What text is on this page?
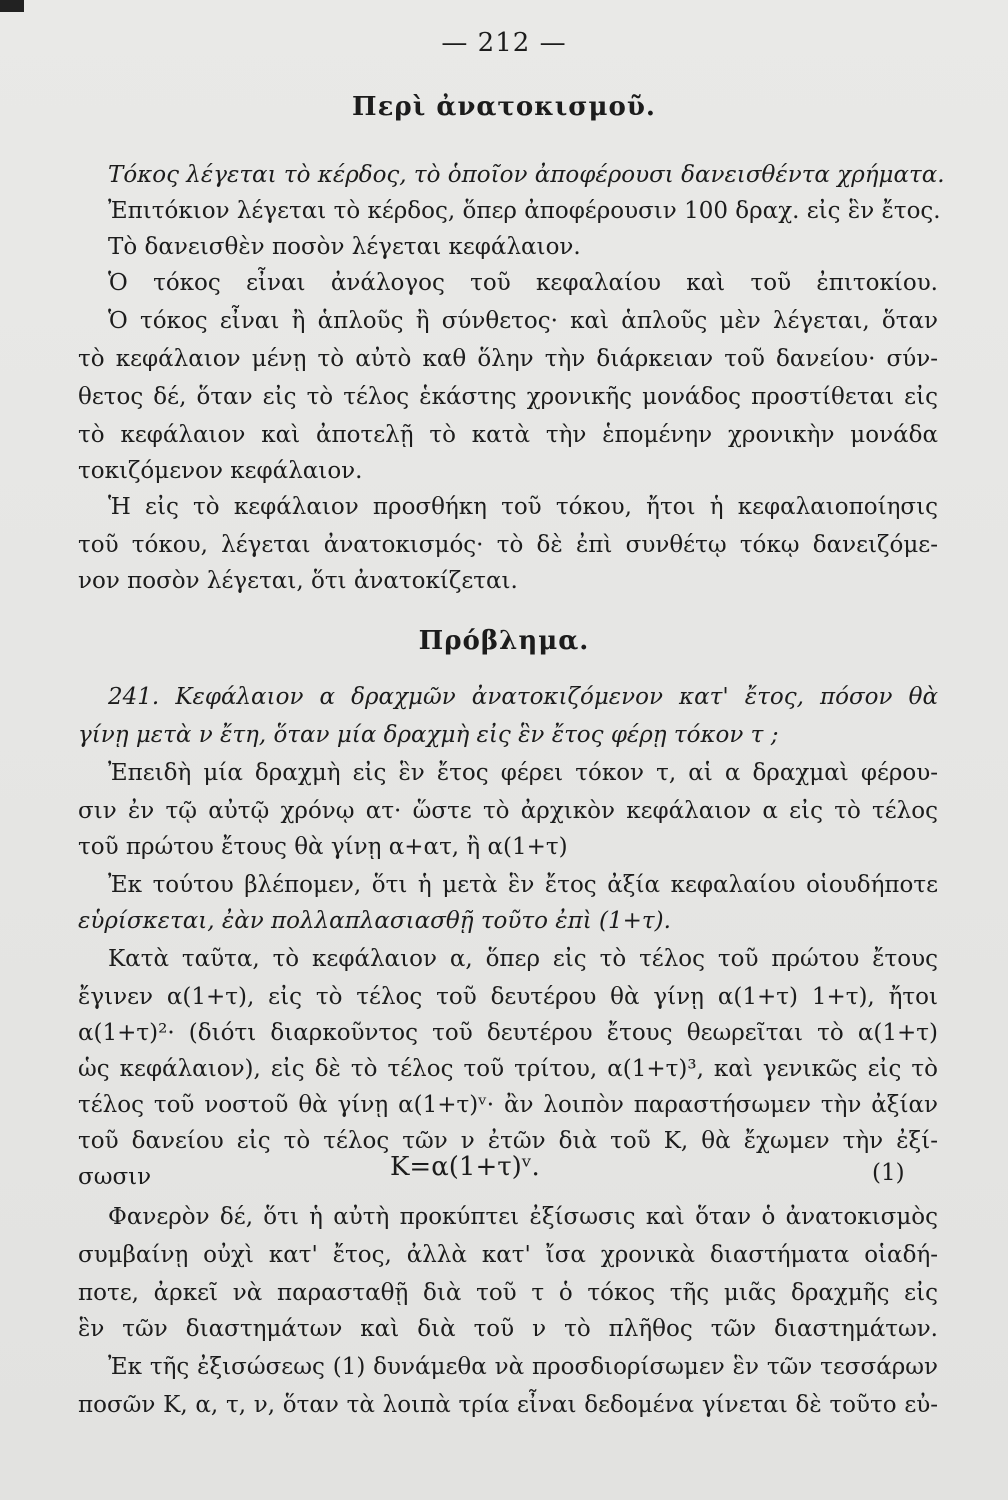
— 212 —
Περὶ ἀνατοκισμοῦ.
Τόκος λέγεται τὸ κέρδος, τὸ ὁποῖον ἀποφέρουσι δανεισθέντα χρήματα.
Ἐπιτόκιον λέγεται τὸ κέρδος, ὅπερ ἀποφέρουσιν 100 δραχ. εἰς ἓν ἔτος.
Τὸ δανεισθὲν ποσὸν λέγεται κεφάλαιον.
Ὁ τόκος εἶναι ἀνάλογος τοῦ κεφαλαίου καὶ τοῦ ἐπιτοκίου.
Ὁ τόκος εἶναι ἢ ἁπλοῦς ἢ σύνθετος· καὶ ἁπλοῦς μὲν λέγεται, ὅταν
τὸ κεφάλαιον μένῃ τὸ αὐτὸ καθ ὅλην τὴν διάρκειαν τοῦ δανείου· σύν-
θετος δέ, ὅταν εἰς τὸ τέλος ἑκάστης χρονικῆς μονάδος προστίθεται εἰς
τὸ κεφάλαιον καὶ ἀποτελῇ τὸ κατὰ τὴν ἑπομένην χρονικὴν μονάδα
τοκιζόμενον κεφάλαιον.
Ἡ εἰς τὸ κεφάλαιον προσθήκη τοῦ τόκου, ἤτοι ἡ κεφαλαιοποίησις
τοῦ τόκου, λέγεται ἀνατοκισμός· τὸ δὲ ἐπὶ συνθέτῳ τόκῳ δανειζόμε-
νον ποσὸν λέγεται, ὅτι ἀνατοκίζεται.
Πρόβλημα.
241. Κεφάλαιον α δραχμῶν ἀνατοκιζόμενον κατ' ἔτος, πόσον θὰ
γίνῃ μετὰ ν ἔτη, ὅταν μία δραχμὴ εἰς ἓν ἔτος φέρῃ τόκον τ ;
Ἐπειδὴ μία δραχμὴ εἰς ἓν ἔτος φέρει τόκον τ, αἱ α δραχμαὶ φέρου-
σιν ἐν τῷ αὐτῷ χρόνῳ ατ· ὥστε τὸ ἀρχικὸν κεφάλαιον α εἰς τὸ τέλος
τοῦ πρώτου ἔτους θὰ γίνῃ α+ατ, ἢ α(1+τ)
Ἐκ τούτου βλέπομεν, ὅτι ἡ μετὰ ἓν ἔτος ἀξία κεφαλαίου οἱουδήποτε
εὑρίσκεται, ἐὰν πολλαπλασιασθῇ τοῦτο ἐπὶ (1+τ).
Κατὰ ταῦτα, τὸ κεφάλαιον α, ὅπερ εἰς τὸ τέλος τοῦ πρώτου ἔτους
ἔγινεν α(1+τ), εἰς τὸ τέλος τοῦ δευτέρου θὰ γίνῃ α(1+τ) 1+τ), ἤτοι
α(1+τ)²· (διότι διαρκοῦντος τοῦ δευτέρου ἔτους θεωρεῖται τὸ α(1+τ)
ὡς κεφάλαιον), εἰς δὲ τὸ τέλος τοῦ τρίτου, α(1+τ)³, καὶ γενικῶς εἰς τὸ
τέλος τοῦ νοστοῦ θὰ γίνῃ α(1+τ)ᵛ· ἂν λοιπὸν παραστήσωμεν τὴν ἀξίαν
τοῦ δανείου εἰς τὸ τέλος τῶν ν ἐτῶν διὰ τοῦ Κ, θὰ ἔχωμεν τὴν ἐξί-
σωσιν	Κ=α(1+τ)ᵛ.	(1)
Φανερὸν δέ, ὅτι ἡ αὐτὴ προκύπτει ἐξίσωσις καὶ ὅταν ὁ ἀνατοκισμὸς
συμβαίνῃ οὐχὶ κατ' ἔτος, ἀλλὰ κατ' ἴσα χρονικὰ διαστήματα οἱαδή-
ποτε, ἀρκεῖ νὰ παρασταθῇ διὰ τοῦ τ ὁ τόκος τῆς μιᾶς δραχμῆς εἰς
ἓν τῶν διαστημάτων καὶ διὰ τοῦ ν τὸ πλῆθος τῶν διαστημάτων.
Ἐκ τῆς ἐξισώσεως (1) δυνάμεθα νὰ προσδιορίσωμεν ἓν τῶν τεσσάρων
ποσῶν Κ, α, τ, ν, ὅταν τὰ λοιπὰ τρία εἶναι δεδομένα γίνεται δὲ τοῦτο εὐ-
